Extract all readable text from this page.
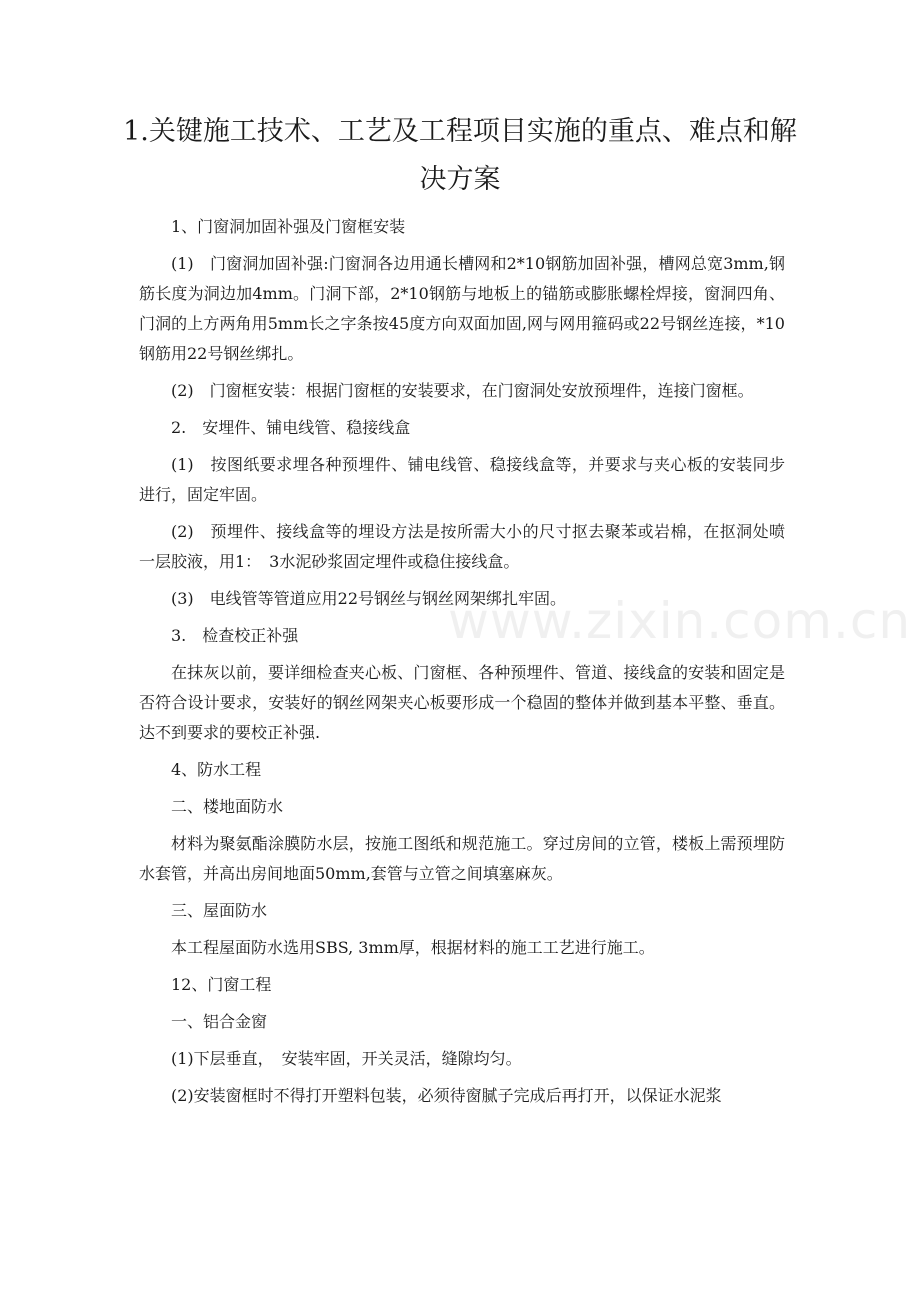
1.关键施工技术、工艺及工程项目实施的重点、难点和解决方案

1、门窗洞加固补强及门窗框安装

(1)　门窗洞加固补强:门窗洞各边用通长槽网和2*10钢筋加固补强，槽网总宽3mm,钢筋长度为洞边加4mm。门洞下部，2*10钢筋与地板上的锚筋或膨胀螺栓焊接，窗洞四角、门洞的上方两角用5mm长之字条按45度方向双面加固,网与网用箍码或22号钢丝连接，*10钢筋用22号钢丝绑扎。

(2)　门窗框安装：根据门窗框的安装要求，在门窗洞处安放预埋件，连接门窗框。

2.　安埋件、铺电线管、稳接线盒

(1)　按图纸要求埋各种预埋件、铺电线管、稳接线盒等，并要求与夹心板的安装同步进行，固定牢固。

(2)　预埋件、接线盒等的埋设方法是按所需大小的尺寸抠去聚苯或岩棉，在抠洞处喷一层胶液，用1：　3水泥砂浆固定埋件或稳住接线盒。

(3)　电线管等管道应用22号钢丝与钢丝网架绑扎牢固。

3.　检查校正补强

在抹灰以前，要详细检查夹心板、门窗框、各种预埋件、管道、接线盒的安装和固定是否符合设计要求，安装好的钢丝网架夹心板要形成一个稳固的整体并做到基本平整、垂直。达不到要求的要校正补强.

4、防水工程

二、楼地面防水

材料为聚氨酯涂膜防水层，按施工图纸和规范施工。穿过房间的立管，楼板上需预埋防水套管，并高出房间地面50mm,套管与立管之间填塞麻灰。

三、屋面防水

本工程屋面防水选用SBS, 3mm厚，根据材料的施工工艺进行施工。

12、门窗工程

一、铝合金窗

(1)下层垂直，　安装牢固，开关灵活，缝隙均匀。

(2)安装窗框时不得打开塑料包装，必须待窗腻子完成后再打开，以保证水泥浆

www.zixin.com.cn
